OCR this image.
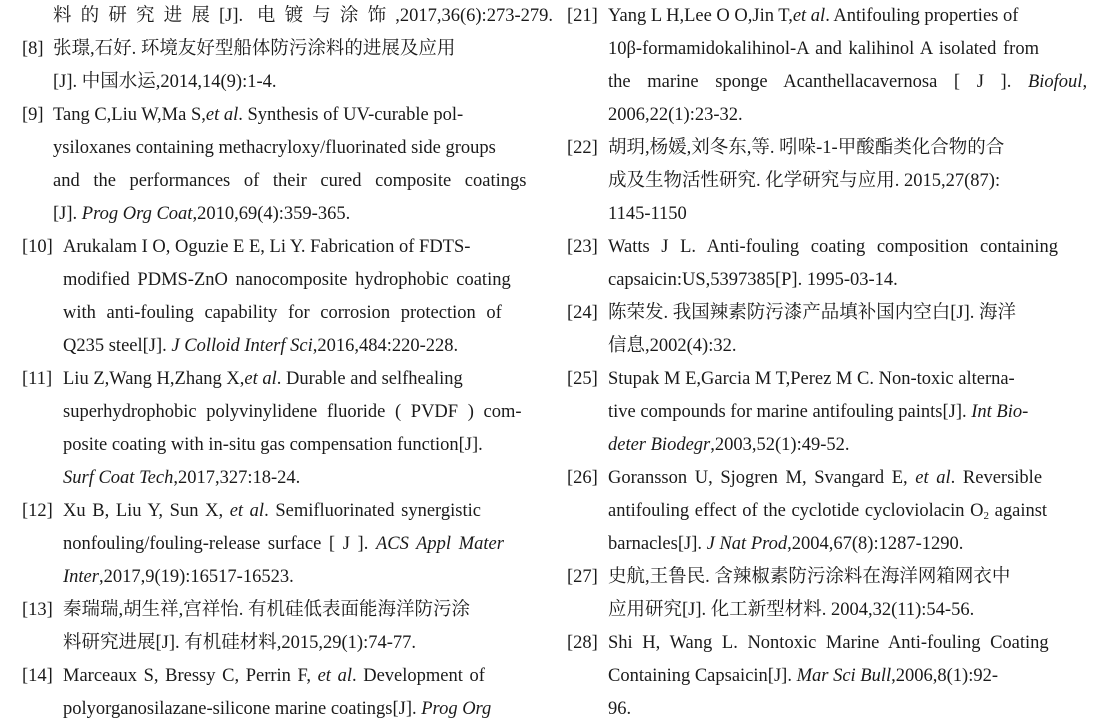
料的研究进展[J]. 电镀与涂饰,2017,36(6):273-279.
[8] 张璟,石好. 环境友好型船体防污涂料的进展及应用
[J]. 中国水运,2014,14(9):1-4.
[9] Tang C,Liu W,Ma S,et al. Synthesis of UV-curable pol-
ysiloxanes containing methacryloxy/fluorinated side groups
and the performances of their cured composite coatings
[J]. Prog Org Coat,2010,69(4):359-365.
[10] Arukalam I O, Oguzie E E, Li Y. Fabrication of FDTS-
modified PDMS-ZnO nanocomposite hydrophobic coating
with anti-fouling capability for corrosion protection of
Q235 steel[J]. J Colloid Interf Sci,2016,484:220-228.
[11] Liu Z,Wang H,Zhang X,et al. Durable and selfhealing
superhydrophobic polyvinylidene fluoride ( PVDF ) com-
posite coating with in-situ gas compensation function[J].
Surf Coat Tech,2017,327:18-24.
[12] Xu B, Liu Y, Sun X, et al. Semifluorinated synergistic
nonfouling/fouling-release surface [ J ]. ACS Appl Mater
Inter,2017,9(19):16517-16523.
[13] 秦瑞瑞,胡生祥,宫祥怡. 有机硅低表面能海洋防污涂
料研究进展[J]. 有机硅材料,2015,29(1):74-77.
[14] Marceaux S, Bressy C, Perrin F, et al. Development of
polyorganosilazane-silicone marine coatings[J]. Prog Org
[21] Yang L H,Lee O O,Jin T,et al. Antifouling properties of
10β-formamidokalihinol-A and kalihinol A isolated from
the marine sponge Acanthellacavernosa [ J ]. Biofoul,
2006,22(1):23-32.
[22] 胡玥,杨媛,刘冬东,等. 吲哚-1-甲酸酯类化合物的合
成及生物活性研究. 化学研究与应用. 2015,27(87):
1145-1150
[23] Watts J L. Anti-fouling coating composition containing
capsaicin:US,5397385[P]. 1995-03-14.
[24] 陈荣发. 我国辣素防污漆产品填补国内空白[J]. 海洋
信息,2002(4):32.
[25] Stupak M E,Garcia M T,Perez M C. Non-toxic alterna-
tive compounds for marine antifouling paints[J]. Int Bio-
deter Biodegr,2003,52(1):49-52.
[26] Goransson U, Sjogren M, Svangard E, et al. Reversible
antifouling effect of the cyclotide cycloviolacin $O_2$ against
barnacles[J]. J Nat Prod,2004,67(8):1287-1290.
[27] 史航,王鲁民. 含辣椒素防污涂料在海洋网箱网衣中
应用研究[J]. 化工新型材料. 2004,32(11):54-56.
[28] Shi H, Wang L. Nontoxic Marine Anti-fouling Coating
Containing Capsaicin[J]. Mar Sci Bull,2006,8(1):92-
96.
